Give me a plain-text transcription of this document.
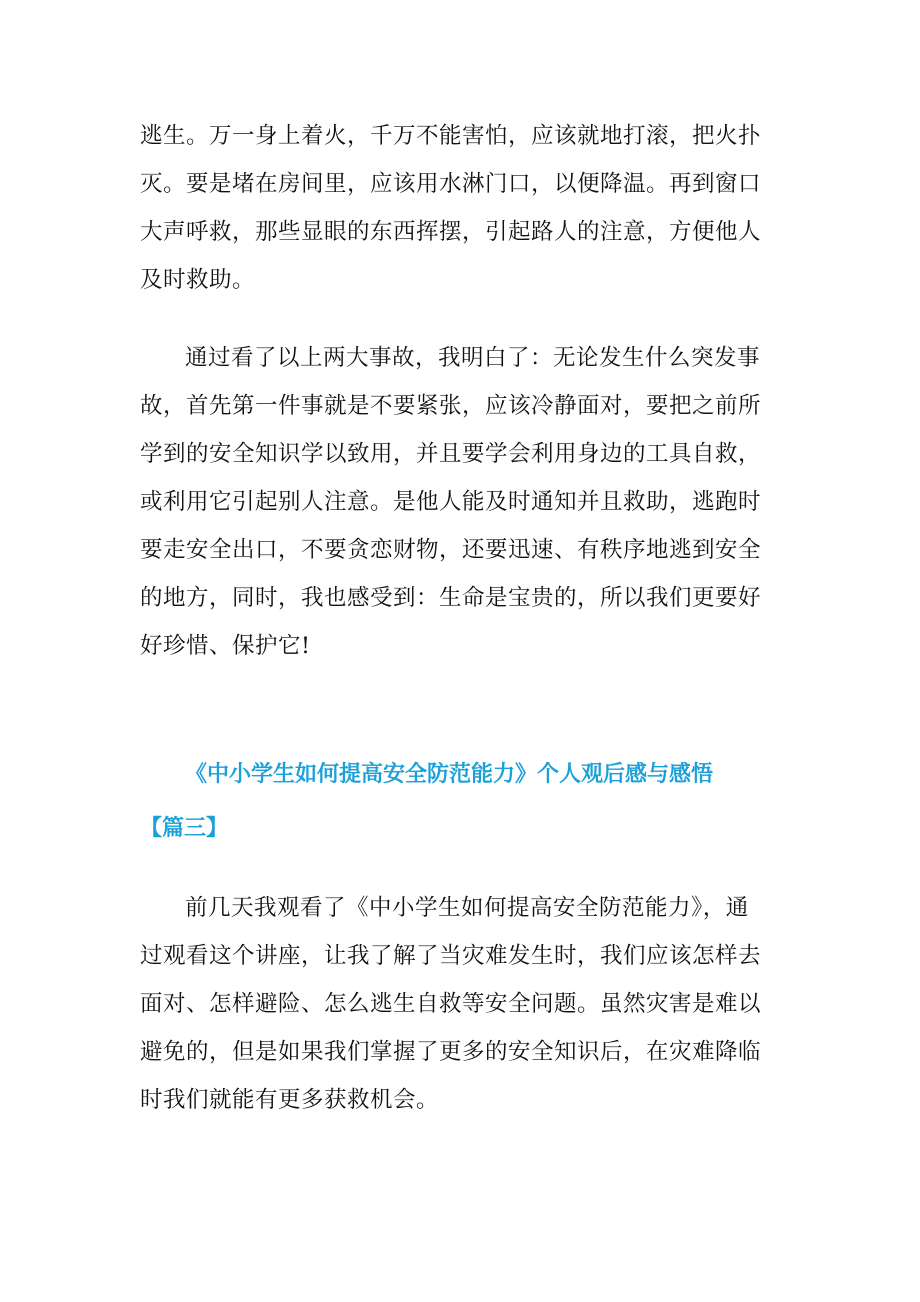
逃生。万一身上着火，千万不能害怕，应该就地打滚，把火扑
灭。要是堵在房间里，应该用水淋门口，以便降温。再到窗口
大声呼救，那些显眼的东西挥摆，引起路人的注意，方便他人
及时救助。

通过看了以上两大事故，我明白了：无论发生什么突发事
故，首先第一件事就是不要紧张，应该冷静面对，要把之前所
学到的安全知识学以致用，并且要学会利用身边的工具自救，
或利用它引起别人注意。是他人能及时通知并且救助，逃跑时
要走安全出口，不要贪恋财物，还要迅速、有秩序地逃到安全
的地方，同时，我也感受到：生命是宝贵的，所以我们更要好
好珍惜、保护它!

《中小学生如何提高安全防范能力》个人观后感与感悟
【篇三】

前几天我观看了《中小学生如何提高安全防范能力》，通
过观看这个讲座，让我了解了当灾难发生时，我们应该怎样去
面对、怎样避险、怎么逃生自救等安全问题。虽然灾害是难以
避免的，但是如果我们掌握了更多的安全知识后，在灾难降临
时我们就能有更多获救机会。
